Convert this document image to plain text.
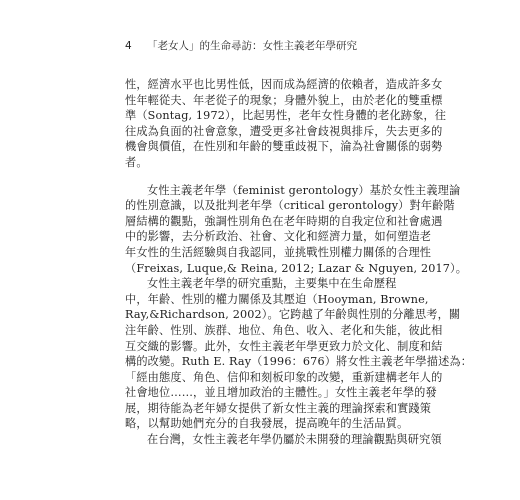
4 「老女人」的生命尋訪：女性主義老年學研究
性，經濟水平也比男性低，因而成為經濟的依賴者，造成許多女
性年輕從夫、年老從子的現象；身體外貌上，由於老化的雙重標
準（Sontag, 1972），比起男性，老年女性身體的老化跡象，往
往成為負面的社會意象，遭受更多社會歧視與排斥，失去更多的
機會與價值，在性別和年齡的雙重歧視下，淪為社會關係的弱勢
者。
女性主義老年學（feminist gerontology）基於女性主義理論
的性別意識，以及批判老年學（critical gerontology）對年齡階
層結構的觀點，強調性別角色在老年時期的自我定位和社會處遇
中的影響，去分析政治、社會、文化和經濟力量，如何塑造老
年女性的生活經驗與自我認同，並挑戰性別權力關係的合理性
（Freixas, Luque,& Reina, 2012; Lazar & Nguyen, 2017）。
女性主義老年學的研究重點，主要集中在生命歷程
中，年齡、性別的權力關係及其壓迫（Hooyman, Browne,
Ray,&Richardson, 2002）。它跨越了年齡與性別的分離思考，關
注年齡、性別、族群、地位、角色、收入、老化和失能，彼此相
互交織的影響。此外，女性主義老年學更致力於文化、制度和結
構的改變。Ruth E. Ray（1996：676）將女性主義老年學描述為：
「經由態度、角色、信仰和刻板印象的改變，重新建構老年人的
社會地位……，並且增加政治的主體性。」女性主義老年學的發
展，期待能為老年婦女提供了新女性主義的理論探索和實踐策
略，以幫助她們充分的自我發展，提高晚年的生活品質。
在台灣，女性主義老年學仍屬於未開發的理論觀點與研究領
